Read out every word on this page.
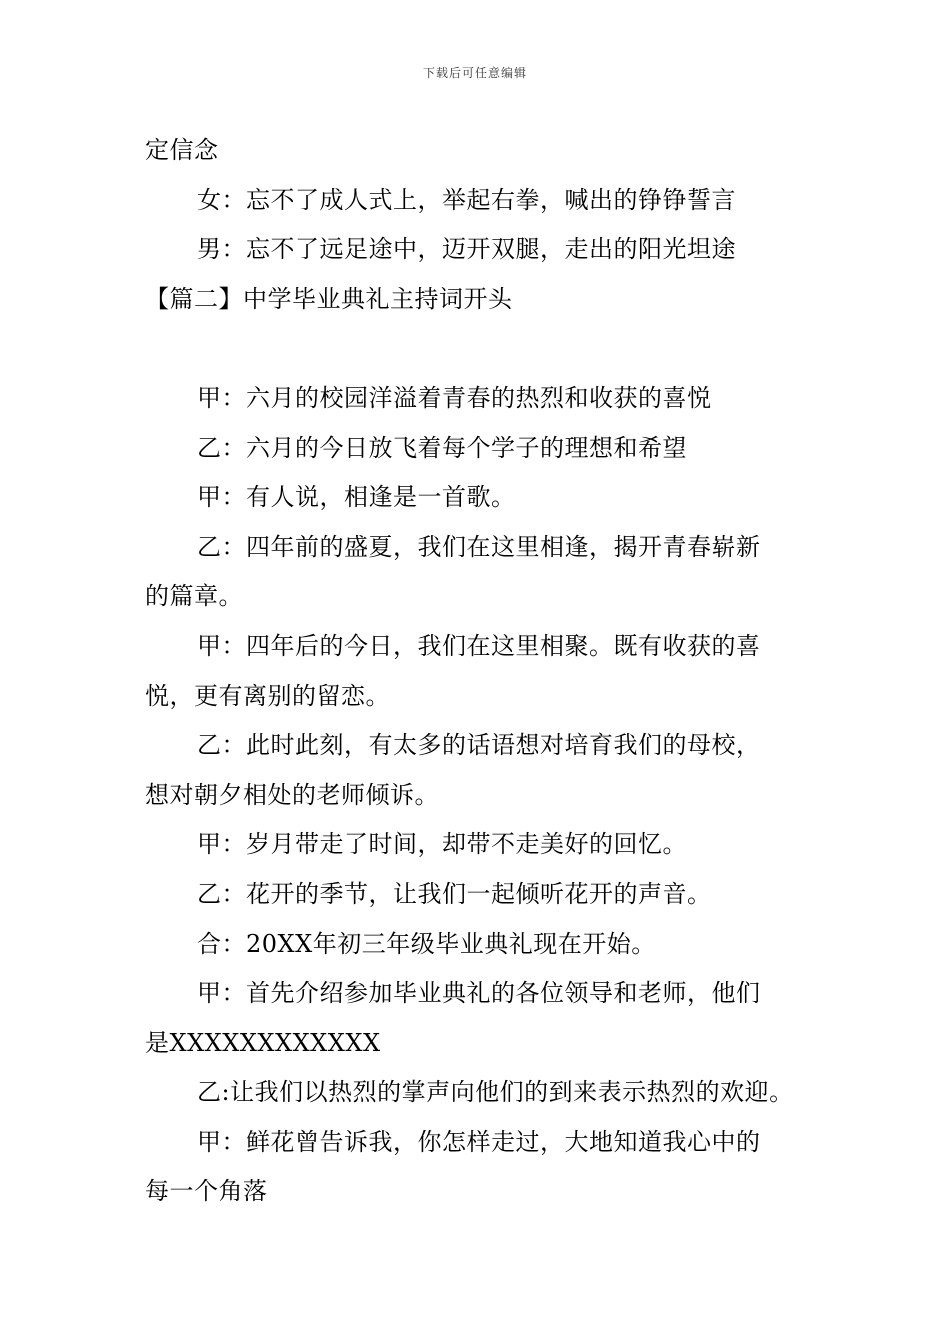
下载后可任意编辑
定信念
女：忘不了成人式上，举起右拳，喊出的铮铮誓言
男：忘不了远足途中，迈开双腿，走出的阳光坦途
【篇二】中学毕业典礼主持词开头
甲：六月的校园洋溢着青春的热烈和收获的喜悦
乙：六月的今日放飞着每个学子的理想和希望
甲：有人说，相逢是一首歌。
乙：四年前的盛夏，我们在这里相逢，揭开青春崭新
的篇章。
甲：四年后的今日，我们在这里相聚。既有收获的喜
悦，更有离别的留恋。
乙：此时此刻，有太多的话语想对培育我们的母校，
想对朝夕相处的老师倾诉。
甲：岁月带走了时间，却带不走美好的回忆。
乙：花开的季节，让我们一起倾听花开的声音。
合：20XX年初三年级毕业典礼现在开始。
甲：首先介绍参加毕业典礼的各位领导和老师，他们
是XXXXXXXXXXXX
乙:让我们以热烈的掌声向他们的到来表示热烈的欢迎。
甲：鲜花曾告诉我，你怎样走过，大地知道我心中的
每一个角落
